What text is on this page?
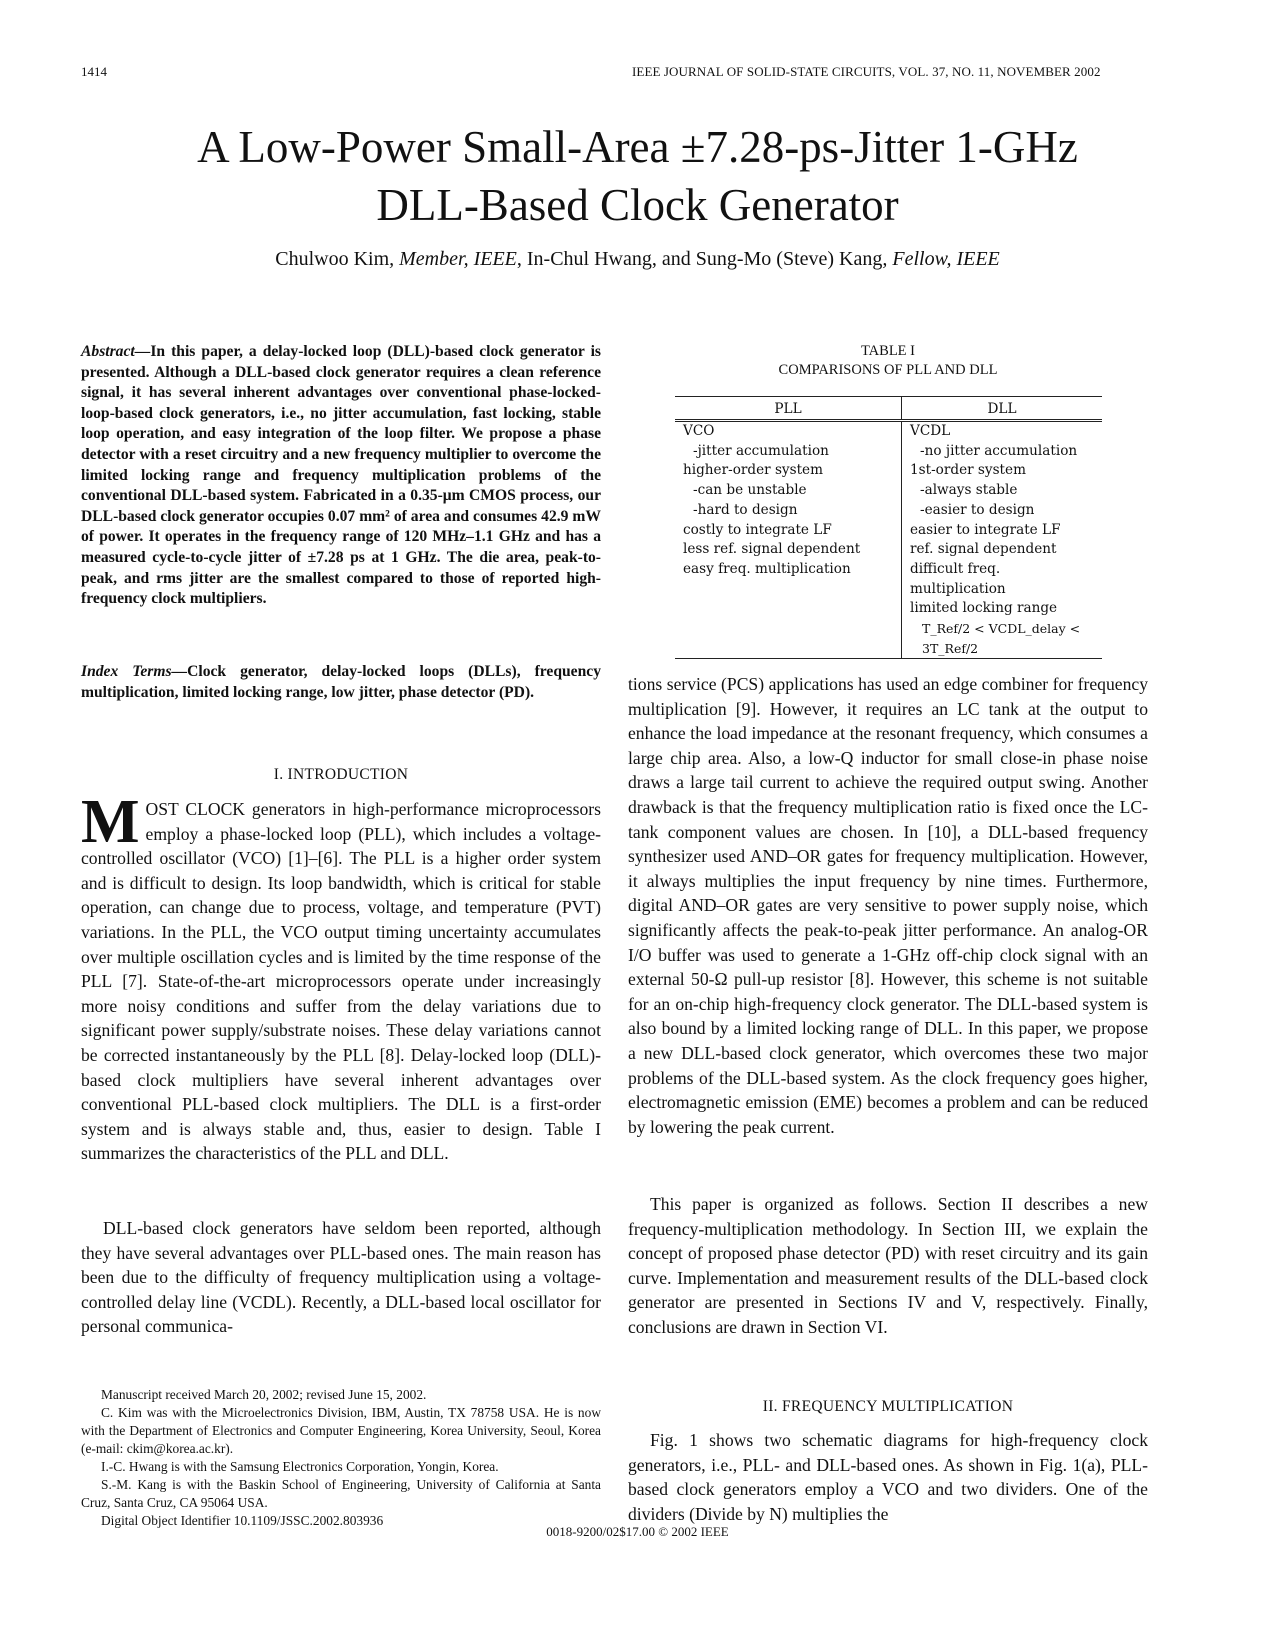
1414	IEEE JOURNAL OF SOLID-STATE CIRCUITS, VOL. 37, NO. 11, NOVEMBER 2002
A Low-Power Small-Area ±7.28-ps-Jitter 1-GHz
DLL-Based Clock Generator
Chulwoo Kim, Member, IEEE, In-Chul Hwang, and Sung-Mo (Steve) Kang, Fellow, IEEE
Abstract—In this paper, a delay-locked loop (DLL)-based clock generator is presented. Although a DLL-based clock generator requires a clean reference signal, it has several inherent advantages over conventional phase-locked-loop-based clock generators, i.e., no jitter accumulation, fast locking, stable loop operation, and easy integration of the loop filter. We propose a phase detector with a reset circuitry and a new frequency multiplier to overcome the limited locking range and frequency multiplication problems of the conventional DLL-based system. Fabricated in a 0.35-μm CMOS process, our DLL-based clock generator occupies 0.07 mm² of area and consumes 42.9 mW of power. It operates in the frequency range of 120 MHz–1.1 GHz and has a measured cycle-to-cycle jitter of ±7.28 ps at 1 GHz. The die area, peak-to-peak, and rms jitter are the smallest compared to those of reported high-frequency clock multipliers.
Index Terms—Clock generator, delay-locked loops (DLLs), frequency multiplication, limited locking range, low jitter, phase detector (PD).
I. INTRODUCTION
MOST CLOCK generators in high-performance microprocessors employ a phase-locked loop (PLL), which includes a voltage-controlled oscillator (VCO) [1]–[6]. The PLL is a higher order system and is difficult to design. Its loop bandwidth, which is critical for stable operation, can change due to process, voltage, and temperature (PVT) variations. In the PLL, the VCO output timing uncertainty accumulates over multiple oscillation cycles and is limited by the time response of the PLL [7]. State-of-the-art microprocessors operate under increasingly more noisy conditions and suffer from the delay variations due to significant power supply/substrate noises. These delay variations cannot be corrected instantaneously by the PLL [8]. Delay-locked loop (DLL)-based clock multipliers have several inherent advantages over conventional PLL-based clock multipliers. The DLL is a first-order system and is always stable and, thus, easier to design. Table I summarizes the characteristics of the PLL and DLL.

DLL-based clock generators have seldom been reported, although they have several advantages over PLL-based ones. The main reason has been due to the difficulty of frequency multiplication using a voltage-controlled delay line (VCDL). Recently, a DLL-based local oscillator for personal communica-

Manuscript received March 20, 2002; revised June 15, 2002.

C. Kim was with the Microelectronics Division, IBM, Austin, TX 78758 USA. He is now with the Department of Electronics and Computer Engineering, Korea University, Seoul, Korea (e-mail: ckim@korea.ac.kr).

I.-C. Hwang is with the Samsung Electronics Corporation, Yongin, Korea.

S.-M. Kang is with the Baskin School of Engineering, University of California at Santa Cruz, Santa Cruz, CA 95064 USA.

Digital Object Identifier 10.1109/JSSC.2002.803936

TABLE I
COMPARISONS OF PLL AND DLL
PLL	DLL
VCO	VCDL
-jitter accumulation	-no jitter accumulation
higher-order system	1st-order system
-can be unstable	-always stable
-hard to design	-easier to design
costly to integrate LF	easier to integrate LF
less ref. signal dependent	ref. signal dependent
easy freq. multiplication	difficult freq. multiplication
	limited locking range
	T_Ref/2 < VCDL_delay < 3T_Ref/2

tions service (PCS) applications has used an edge combiner for frequency multiplication [9]. However, it requires an LC tank at the output to enhance the load impedance at the resonant frequency, which consumes a large chip area. Also, a low-Q inductor for small close-in phase noise draws a large tail current to achieve the required output swing. Another drawback is that the frequency multiplication ratio is fixed once the LC-tank component values are chosen. In [10], a DLL-based frequency synthesizer used AND–OR gates for frequency multiplication. However, it always multiplies the input frequency by nine times. Furthermore, digital AND–OR gates are very sensitive to power supply noise, which significantly affects the peak-to-peak jitter performance. An analog-OR I/O buffer was used to generate a 1-GHz off-chip clock signal with an external 50-Ω pull-up resistor [8]. However, this scheme is not suitable for an on-chip high-frequency clock generator. The DLL-based system is also bound by a limited locking range of DLL. In this paper, we propose a new DLL-based clock generator, which overcomes these two major problems of the DLL-based system. As the clock frequency goes higher, electromagnetic emission (EME) becomes a problem and can be reduced by lowering the peak current.

This paper is organized as follows. Section II describes a new frequency-multiplication methodology. In Section III, we explain the concept of proposed phase detector (PD) with reset circuitry and its gain curve. Implementation and measurement results of the DLL-based clock generator are presented in Sections IV and V, respectively. Finally, conclusions are drawn in Section VI.

II. FREQUENCY MULTIPLICATION

Fig. 1 shows two schematic diagrams for high-frequency clock generators, i.e., PLL- and DLL-based ones. As shown in Fig. 1(a), PLL-based clock generators employ a VCO and two dividers. One of the dividers (Divide by N) multiplies the

0018-9200/02$17.00 © 2002 IEEE
